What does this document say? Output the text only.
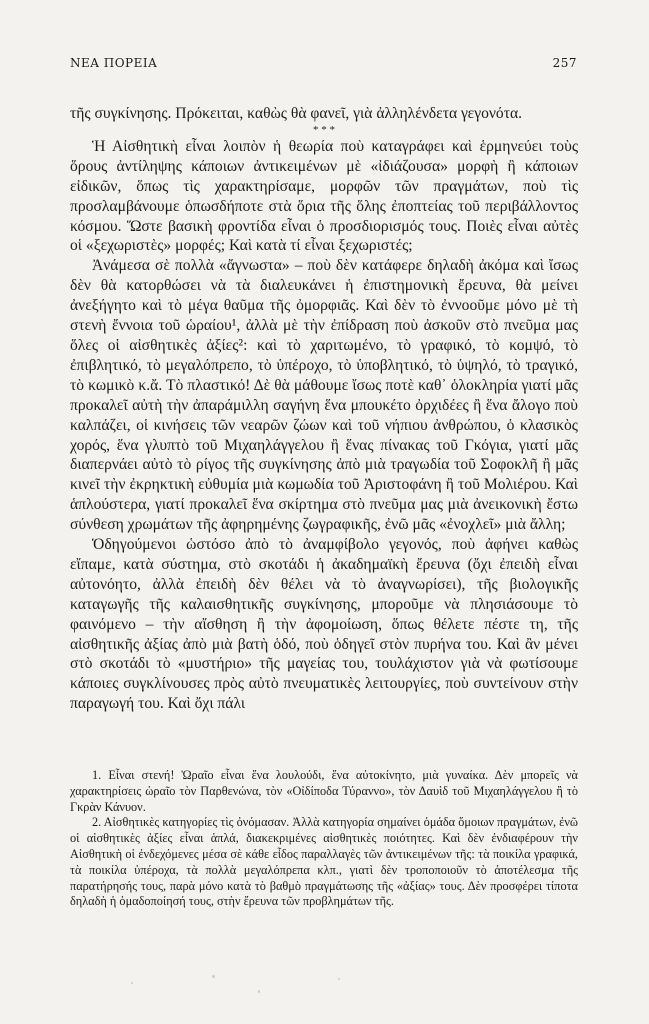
ΝΕΑ ΠΟΡΕΙΑ	257

τῆς συγκίνησης. Πρόκειται, καθὼς θὰ φανεῖ, γιὰ ἀλληλένδετα γεγονότα.

* * *

Ἡ Αἰσθητικὴ εἶναι λοιπὸν ἡ θεωρία ποὺ καταγράφει καὶ ἑρμηνεύει τοὺς ὅρους ἀντίληψης κάποιων ἀντικειμένων μὲ «ἰδιάζουσα» μορφὴ ἢ κάποιων εἰδικῶν, ὅπως τὶς χαρακτηρίσαμε, μορφῶν τῶν πραγμάτων, ποὺ τὶς προσλαμβάνουμε ὁπωσδήποτε στὰ ὅρια τῆς ὅλης ἐποπτείας τοῦ περιβάλλοντος κόσμου. Ὥστε βασικὴ φροντίδα εἶναι ὁ προσδιορισμός τους. Ποιὲς εἶναι αὐτὲς οἱ «ξεχωριστὲς» μορφές; Καὶ κατὰ τί εἶναι ξεχωριστές;

Ἀνάμεσα σὲ πολλὰ «ἄγνωστα» – ποὺ δὲν κατάφερε δηλαδὴ ἀκόμα καὶ ἴσως δὲν θὰ κατορθώσει νὰ τὰ διαλευκάνει ἡ ἐπιστημονικὴ ἔρευνα, θὰ μείνει ἀνεξήγητο καὶ τὸ μέγα θαῦμα τῆς ὀμορφιᾶς. Καὶ δὲν τὸ ἐννοοῦμε μόνο μὲ τὴ στενὴ ἔννοια τοῦ ὡραίου¹, ἀλλὰ μὲ τὴν ἐπίδραση ποὺ ἀσκοῦν στὸ πνεῦμα μας ὅλες οἱ αἰσθητικὲς ἀξίες²: καὶ τὸ χαριτωμένο, τὸ γραφικό, τὸ κομψό, τὸ ἐπιβλητικό, τὸ μεγαλόπρεπο, τὸ ὑπέροχο, τὸ ὑποβλητικό, τὸ ὑψηλό, τὸ τραγικό, τὸ κωμικὸ κ.ἄ. Τὸ πλαστικό! Δὲ θὰ μάθουμε ἴσως ποτὲ καθ᾿ ὁλοκληρία γιατί μᾶς προκαλεῖ αὐτὴ τὴν ἀπαράμιλλη σαγήνη ἕνα μπουκέτο ὀρχιδέες ἢ ἕνα ἄλογο ποὺ καλπάζει, οἱ κινήσεις τῶν νεαρῶν ζώων καὶ τοῦ νήπιου ἀνθρώπου, ὁ κλασικὸς χορός, ἕνα γλυπτὸ τοῦ Μιχαηλάγγελου ἢ ἕνας πίνακας τοῦ Γκόγια, γιατί μᾶς διαπερνάει αὐτὸ τὸ ρίγος τῆς συγκίνησης ἀπὸ μιὰ τραγωδία τοῦ Σοφοκλῆ ἢ μᾶς κινεῖ τὴν ἐκρηκτικὴ εὐθυμία μιὰ κωμωδία τοῦ Ἀριστοφάνη ἢ τοῦ Μολιέρου. Καὶ ἁπλούστερα, γιατί προκαλεῖ ἕνα σκίρτημα στὸ πνεῦμα μας μιὰ ἀνεικονικὴ ἔστω σύνθεση χρωμάτων τῆς ἀφηρημένης ζωγραφικῆς, ἐνῶ μᾶς «ἐνοχλεῖ» μιὰ ἄλλη;

Ὁδηγούμενοι ὡστόσο ἀπὸ τὸ ἀναμφίβολο γεγονός, ποὺ ἀφήνει καθὼς εἴπαμε, κατὰ σύστημα, στὸ σκοτάδι ἡ ἀκαδημαϊκὴ ἔρευνα (ὄχι ἐπειδὴ εἶναι αὐτονόητο, ἀλλὰ ἐπειδὴ δὲν θέλει νὰ τὸ ἀναγνωρίσει), τῆς βιολογικῆς καταγωγῆς τῆς καλαισθητικῆς συγκίνησης, μποροῦμε νὰ πλησιάσουμε τὸ φαινόμενο – τὴν αἴσθηση ἢ τὴν ἀφομοίωση, ὅπως θέλετε πέστε τη, τῆς αἰσθητικῆς ἀξίας ἀπὸ μιὰ βατὴ ὁδό, ποὺ ὁδηγεῖ στὸν πυρήνα του. Καὶ ἂν μένει στὸ σκοτάδι τὸ «μυστήριο» τῆς μαγείας του, τουλάχιστον γιὰ νὰ φωτίσουμε κάποιες συγκλίνουσες πρὸς αὐτὸ πνευματικὲς λειτουργίες, ποὺ συντείνουν στὴν παραγωγή του. Καὶ ὄχι πάλι

1. Εἶναι στενή! Ὡραῖο εἶναι ἕνα λουλούδι, ἕνα αὐτοκίνητο, μιὰ γυναίκα. Δὲν μπορεῖς νὰ χαρακτηρίσεις ὡραῖο τὸν Παρθενώνα, τὸν «Οἰδίποδα Τύραννο», τὸν Δαυὶδ τοῦ Μιχαηλάγγελου ἢ τὸ Γκρὰν Κάνυον.

2. Αἰσθητικὲς κατηγορίες τὶς ὀνόμασαν. Ἀλλὰ κατηγορία σημαίνει ὁμάδα ὅμοιων πραγμάτων, ἐνῶ οἱ αἰσθητικὲς ἀξίες εἶναι ἁπλά, διακεκριμένες αἰσθητικὲς ποιότητες. Καὶ δὲν ἐνδιαφέρουν τὴν Αἰσθητικὴ οἱ ἐνδεχόμενες μέσα σὲ κάθε εἶδος παραλλαγὲς τῶν ἀντικειμένων τῆς: τὰ ποικίλα γραφικά, τὰ ποικίλα ὑπέροχα, τὰ πολλὰ μεγαλόπρεπα κλπ., γιατὶ δὲν τροποποιοῦν τὸ ἀποτέλεσμα τῆς παρατήρησής τους, παρὰ μόνο κατὰ τὸ βαθμὸ πραγμάτωσης τῆς «ἀξίας» τους. Δὲν προσφέρει τίποτα δηλαδὴ ἡ ὁμαδοποίησή τους, στὴν ἔρευνα τῶν προβλημάτων τῆς.
